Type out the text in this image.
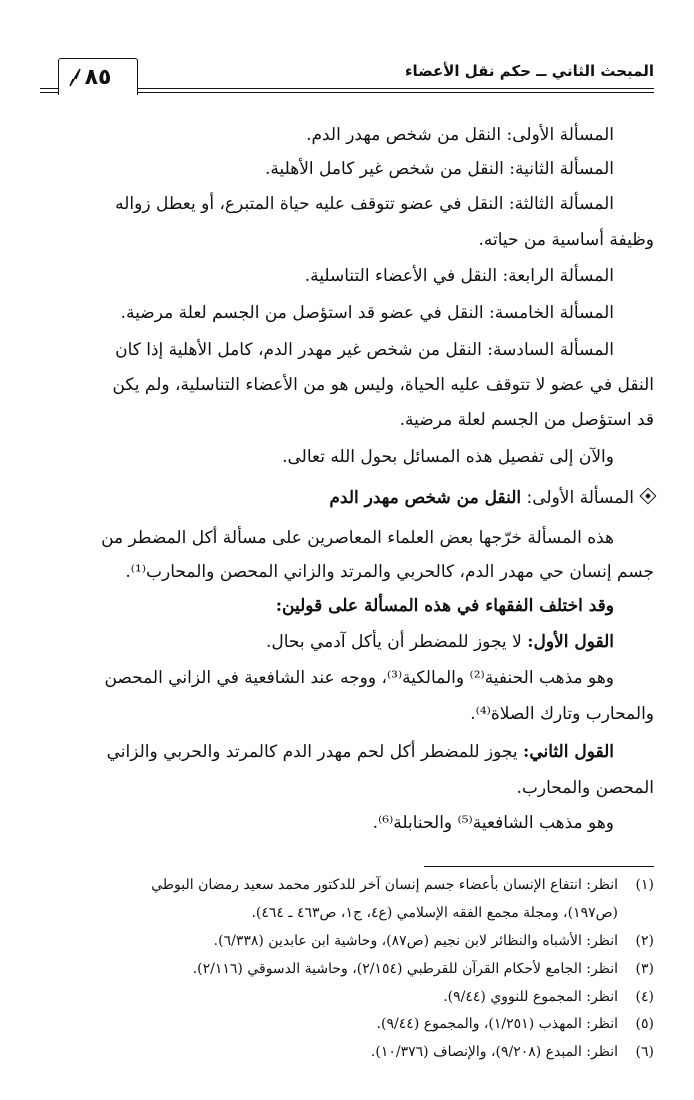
المبحث الثاني ــ حكم نقل الأعضاء
٨٥
المسألة الأولى: النقل من شخص مهدر الدم.
المسألة الثانية: النقل من شخص غير كامل الأهلية.
المسألة الثالثة: النقل في عضو تتوقف عليه حياة المتبرع، أو يعطل زواله
وظيفة أساسية من حياته.
المسألة الرابعة: النقل في الأعضاء التناسلية.
المسألة الخامسة: النقل في عضو قد استؤصل من الجسم لعلة مرضية.
المسألة السادسة: النقل من شخص غير مهدر الدم، كامل الأهلية إذا كان
النقل في عضو لا تتوقف عليه الحياة، وليس هو من الأعضاء التناسلية، ولم يكن
قد استؤصل من الجسم لعلة مرضية.
والآن إلى تفصيل هذه المسائل بحول الله تعالى.
المسألة الأولى: النقل من شخص مهدر الدم
هذه المسألة خرّجها بعض العلماء المعاصرين على مسألة أكل المضطر من
جسم إنسان حي مهدر الدم، كالحربي والمرتد والزاني المحصن والمحارب⁽¹⁾.
وقد اختلف الفقهاء في هذه المسألة على قولين:
القول الأول: لا يجوز للمضطر أن يأكل آدمي بحال.
وهو مذهب الحنفية⁽²⁾ والمالكية⁽³⁾، ووجه عند الشافعية في الزاني المحصن
والمحارب وتارك الصلاة⁽⁴⁾.
القول الثاني: يجوز للمضطر أكل لحم مهدر الدم كالمرتد والحربي والزاني
المحصن والمحارب.
وهو مذهب الشافعية⁽⁵⁾ والحنابلة⁽⁶⁾.
(١)انظر: انتفاع الإنسان بأعضاء جسم إنسان آخر للدكتور محمد سعيد رمضان البوطي
(ص١٩٧)، ومجلة مجمع الفقه الإسلامي (ع٤، ج١، ص٤٦٣ ـ ٤٦٤).
(٢)انظر: الأشباه والنظائر لابن نجيم (ص٨٧)، وحاشية ابن عابدين (٦/٣٣٨).
(٣)انظر: الجامع لأحكام القرآن للقرطبي (٢/١٥٤)، وحاشية الدسوقي (٢/١١٦).
(٤)انظر: المجموع للنووي (٩/٤٤).
(٥)انظر: المهذب (١/٢٥١)، والمجموع (٩/٤٤).
(٦)انظر: المبدع (٩/٢٠٨)، والإنصاف (١٠/٣٧٦).
